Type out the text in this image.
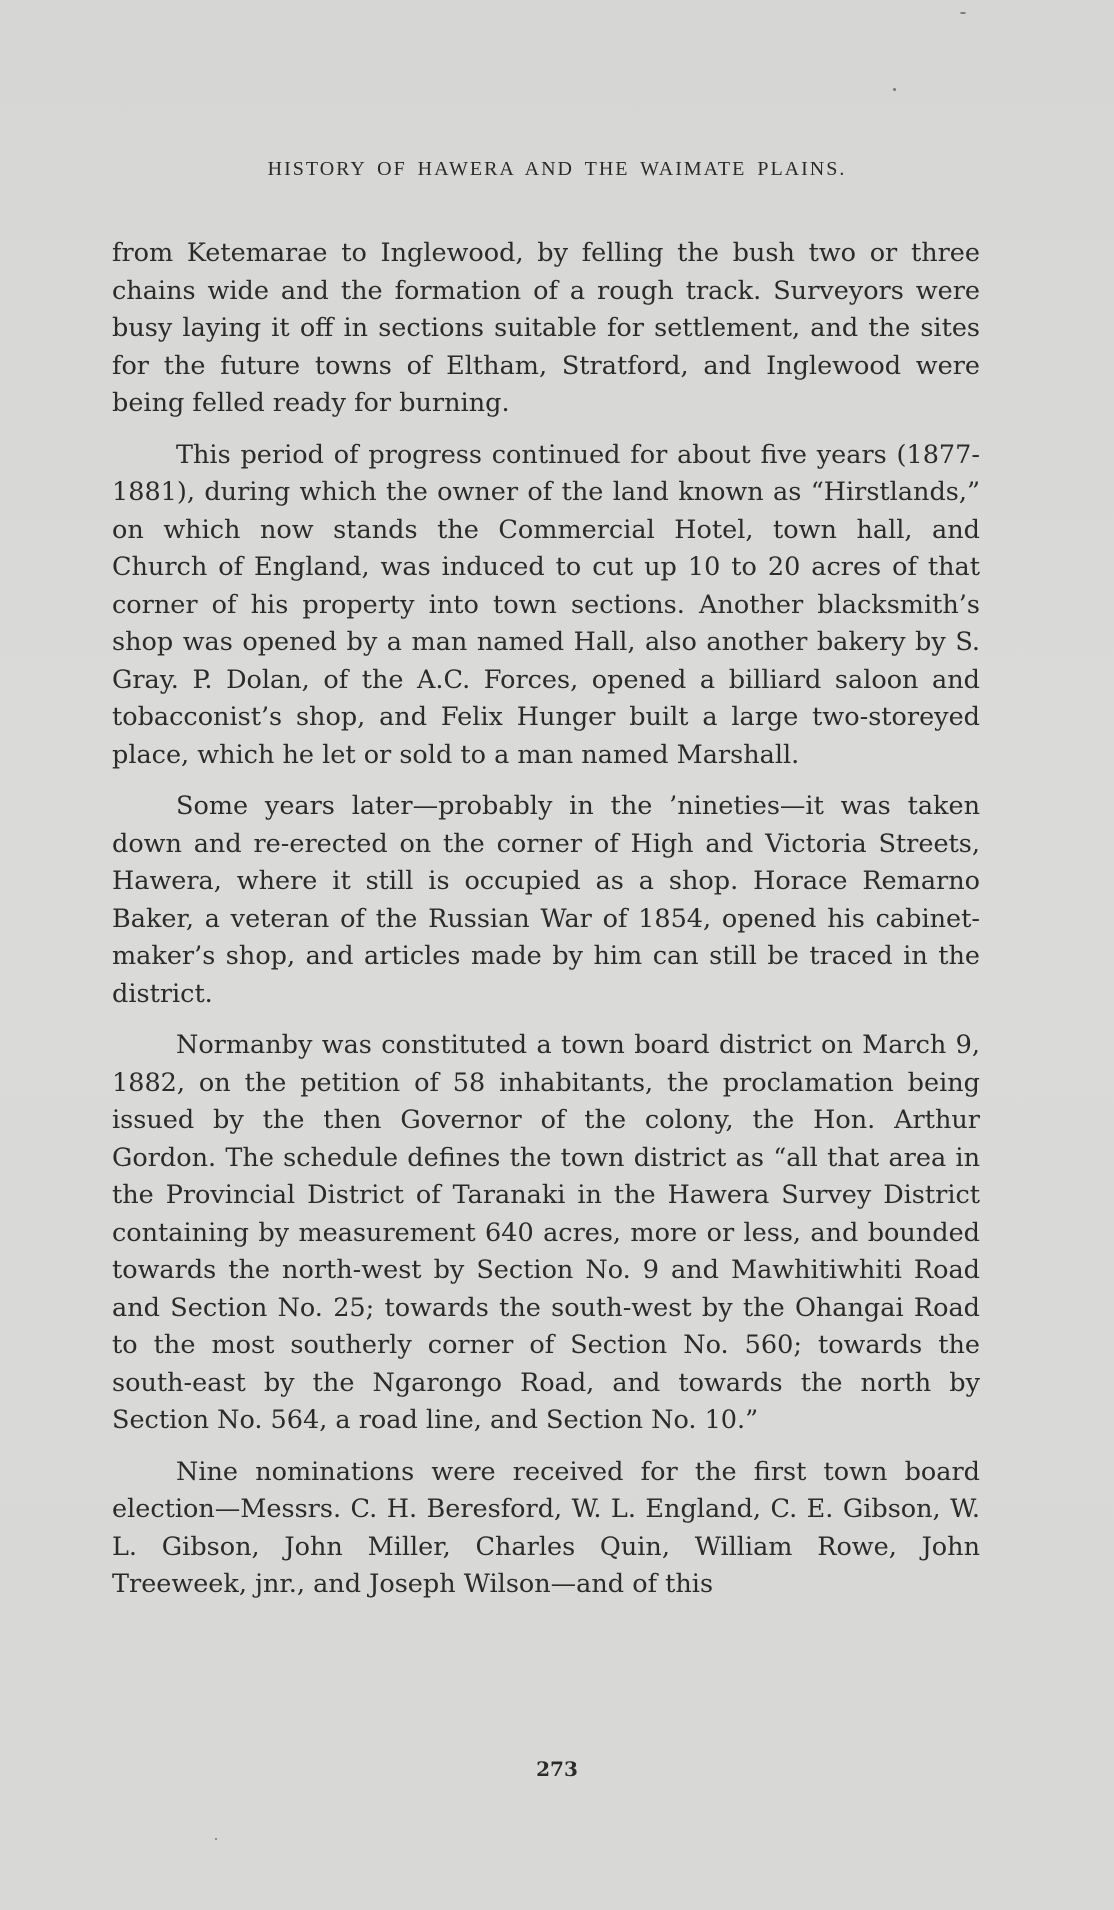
HISTORY OF HAWERA AND THE WAIMATE PLAINS.

from Ketemarae to Inglewood, by felling the bush two or three chains wide and the formation of a rough track. Surveyors were busy laying it off in sections suitable for settlement, and the sites for the future towns of Eltham, Stratford, and Inglewood were being felled ready for burning.

This period of progress continued for about five years (1877-1881), during which the owner of the land known as “Hirstlands,” on which now stands the Commercial Hotel, town hall, and Church of England, was induced to cut up 10 to 20 acres of that corner of his property into town sections. Another blacksmith’s shop was opened by a man named Hall, also another bakery by S. Gray. P. Dolan, of the A.C. Forces, opened a billiard saloon and tobacconist’s shop, and Felix Hunger built a large two-storeyed place, which he let or sold to a man named Marshall.

Some years later—probably in the ’nineties—it was taken down and re-erected on the corner of High and Victoria Streets, Hawera, where it still is occupied as a shop. Horace Remarno Baker, a veteran of the Russian War of 1854, opened his cabinet-maker’s shop, and articles made by him can still be traced in the district.

Normanby was constituted a town board district on March 9, 1882, on the petition of 58 inhabitants, the proclamation being issued by the then Governor of the colony, the Hon. Arthur Gordon. The schedule defines the town district as “all that area in the Provincial District of Taranaki in the Hawera Survey District containing by measurement 640 acres, more or less, and bounded towards the north-west by Section No. 9 and Mawhitiwhiti Road and Section No. 25; towards the south-west by the Ohangai Road to the most southerly corner of Section No. 560; towards the south-east by the Ngarongo Road, and towards the north by Section No. 564, a road line, and Section No. 10.”

Nine nominations were received for the first town board election—Messrs. C. H. Beresford, W. L. England, C. E. Gibson, W. L. Gibson, John Miller, Charles Quin, William Rowe, John Treeweek, jnr., and Joseph Wilson—and of this

273
